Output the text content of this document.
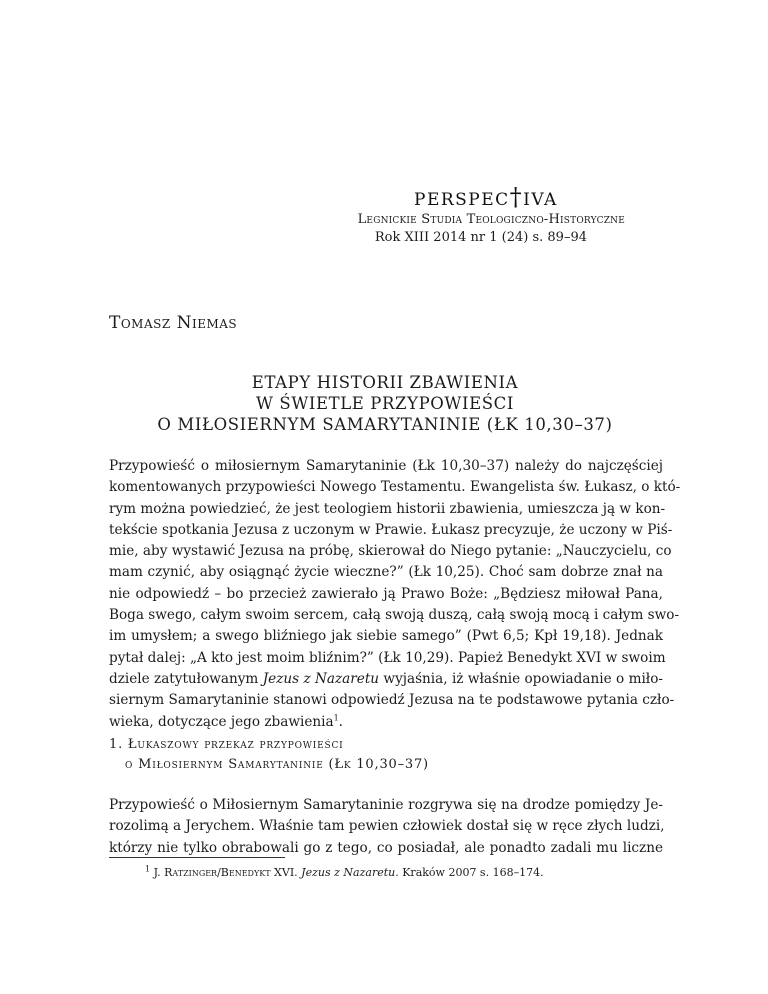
perspec†iva
Legnickie Studia Teologiczno-Historyczne
Rok XIII 2014 nr 1 (24) s. 89–94
Tomasz Niemas
ETAPY HISTORII ZBAWIENIA
W ŚWIETLE PRZYPOWIEŚCI
O MIŁOSIERNYM SAMARYTANINIE (ŁK 10,30–37)
Przypowieść o miłosiernym Samarytaninie (Łk 10,30–37) należy do najczęściej
komentowanych przypowieści Nowego Testamentu. Ewangelista św. Łukasz, o któ-
rym można powiedzieć, że jest teologiem historii zbawienia, umieszcza ją w kon-
tekście spotkania Jezusa z uczonym w Prawie. Łukasz precyzuje, że uczony w Piś-
mie, aby wystawić Jezusa na próbę, skierował do Niego pytanie: „Nauczycielu, co
mam czynić, aby osiągnąć życie wieczne?” (Łk 10,25). Choć sam dobrze znał na
nie odpowiedź – bo przecież zawierało ją Prawo Boże: „Będziesz miłował Pana,
Boga swego, całym swoim sercem, całą swoją duszą, całą swoją mocą i całym swo-
im umysłem; a swego bliźniego jak siebie samego” (Pwt 6,5; Kpł 19,18). Jednak
pytał dalej: „A kto jest moim bliźnim?” (Łk 10,29). Papież Benedykt XVI w swoim
dziele zatytułowanym Jezus z Nazaretu wyjaśnia, iż właśnie opowiadanie o miło-
siernym Samarytaninie stanowi odpowiedź Jezusa na te podstawowe pytania czło-
wieka, dotyczące jego zbawienia$^1$.
1. Łukaszowy przekaz przypowieści
o Miłosiernym Samarytaninie (Łk 10,30–37)
Przypowieść o Miłosiernym Samarytaninie rozgrywa się na drodze pomiędzy Je-
rozolimą a Jerychem. Właśnie tam pewien człowiek dostał się w ręce złych ludzi,
którzy nie tylko obrabowali go z tego, co posiadał, ale ponadto zadali mu liczne
$^1$ J. Ratzinger/Benedykt XVI. Jezus z Nazaretu. Kraków 2007 s. 168–174.
